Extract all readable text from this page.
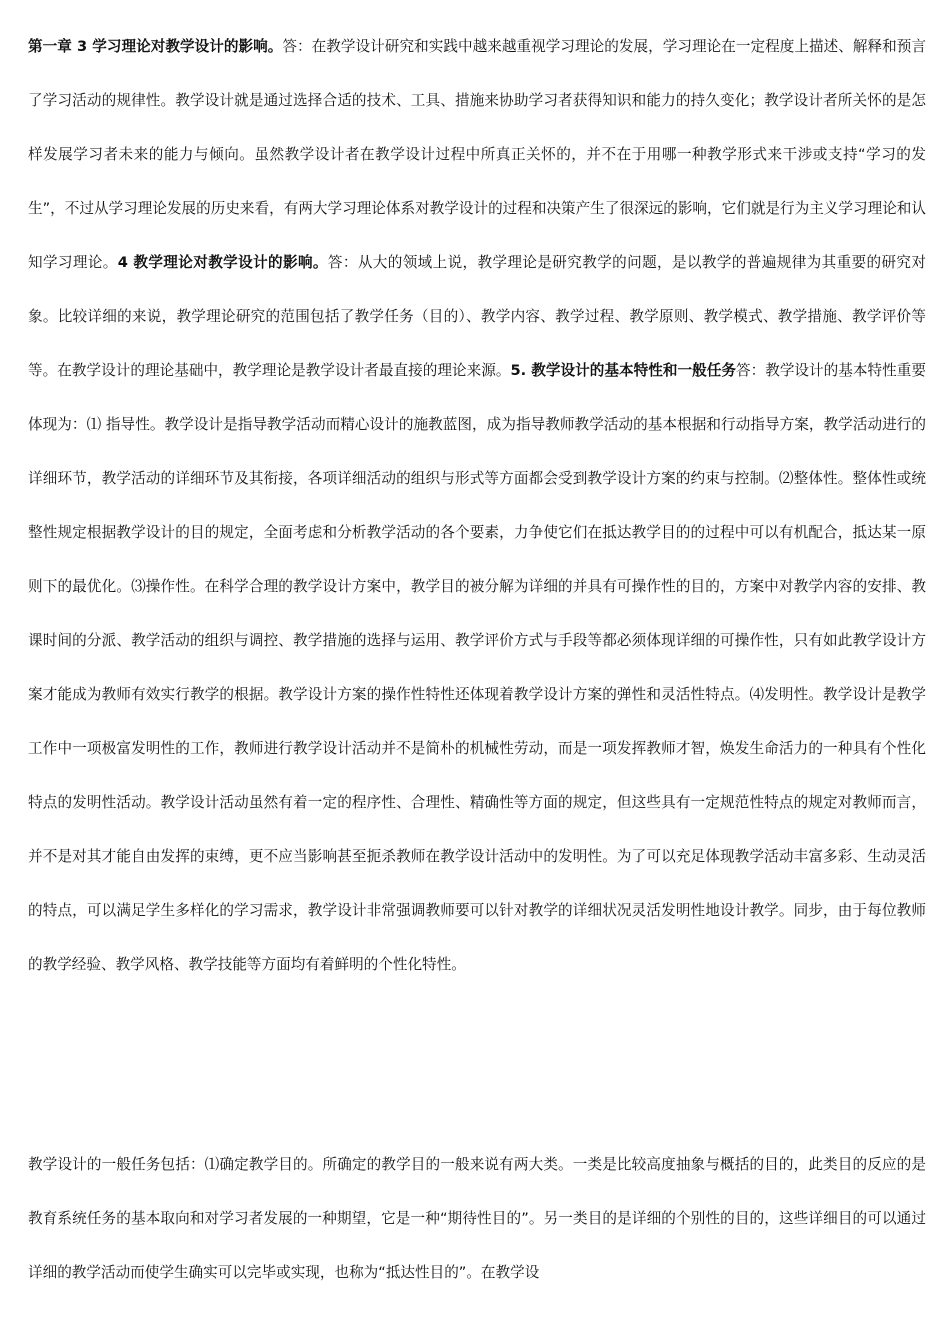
第一章 3 学习理论对教学设计的影响。答：在教学设计研究和实践中越来越重视学习理论的发展，学习理论在一定程度上描述、解释和预言了学习活动的规律性。教学设计就是通过选择合适的技术、工具、措施来协助学习者获得知识和能力的持久变化；教学设计者所关怀的是怎样发展学习者未来的能力与倾向。虽然教学设计者在教学设计过程中所真正关怀的，并不在于用哪一种教学形式来干涉或支持“学习的发生”，不过从学习理论发展的历史来看，有两大学习理论体系对教学设计的过程和决策产生了很深远的影响，它们就是行为主义学习理论和认知学习理论。4 教学理论对教学设计的影响。答：从大的领域上说，教学理论是研究教学的问题，是以教学的普遍规律为其重要的研究对象。比较详细的来说，教学理论研究的范围包括了教学任务（目的）、教学内容、教学过程、教学原则、教学模式、教学措施、教学评价等等。在教学设计的理论基础中，教学理论是教学设计者最直接的理论来源。5. 教学设计的基本特性和一般任务答：教学设计的基本特性重要体现为：⑴ 指导性。教学设计是指导教学活动而精心设计的施教蓝图，成为指导教师教学活动的基本根据和行动指导方案，教学活动进行的详细环节，教学活动的详细环节及其衔接，各项详细活动的组织与形式等方面都会受到教学设计方案的约束与控制。⑵整体性。整体性或统整性规定根据教学设计的目的规定，全面考虑和分析教学活动的各个要素，力争使它们在抵达教学目的的过程中可以有机配合，抵达某一原则下的最优化。⑶操作性。在科学合理的教学设计方案中，教学目的被分解为详细的并具有可操作性的目的，方案中对教学内容的安排、教课时间的分派、教学活动的组织与调控、教学措施的选择与运用、教学评价方式与手段等都必须体现详细的可操作性，只有如此教学设计方案才能成为教师有效实行教学的根据。教学设计方案的操作性特性还体现着教学设计方案的弹性和灵活性特点。⑷发明性。教学设计是教学工作中一项极富发明性的工作，教师进行教学设计活动并不是简朴的机械性劳动，而是一项发挥教师才智，焕发生命活力的一种具有个性化特点的发明性活动。教学设计活动虽然有着一定的程序性、合理性、精确性等方面的规定，但这些具有一定规范性特点的规定对教师而言，并不是对其才能自由发挥的束缚，更不应当影响甚至扼杀教师在教学设计活动中的发明性。为了可以充足体现教学活动丰富多彩、生动灵活的特点，可以满足学生多样化的学习需求，教学设计非常强调教师要可以针对教学的详细状况灵活发明性地设计教学。同步，由于每位教师的教学经验、教学风格、教学技能等方面均有着鲜明的个性化特性。

教学设计的一般任务包括：⑴确定教学目的。所确定的教学目的一般来说有两大类。一类是比较高度抽象与概括的目的，此类目的反应的是教育系统任务的基本取向和对学习者发展的一种期望，它是一种“期待性目的”。另一类目的是详细的个别性的目的，这些详细目的可以通过详细的教学活动而使学生确实可以完毕或实现，也称为“抵达性目的”。在教学设
